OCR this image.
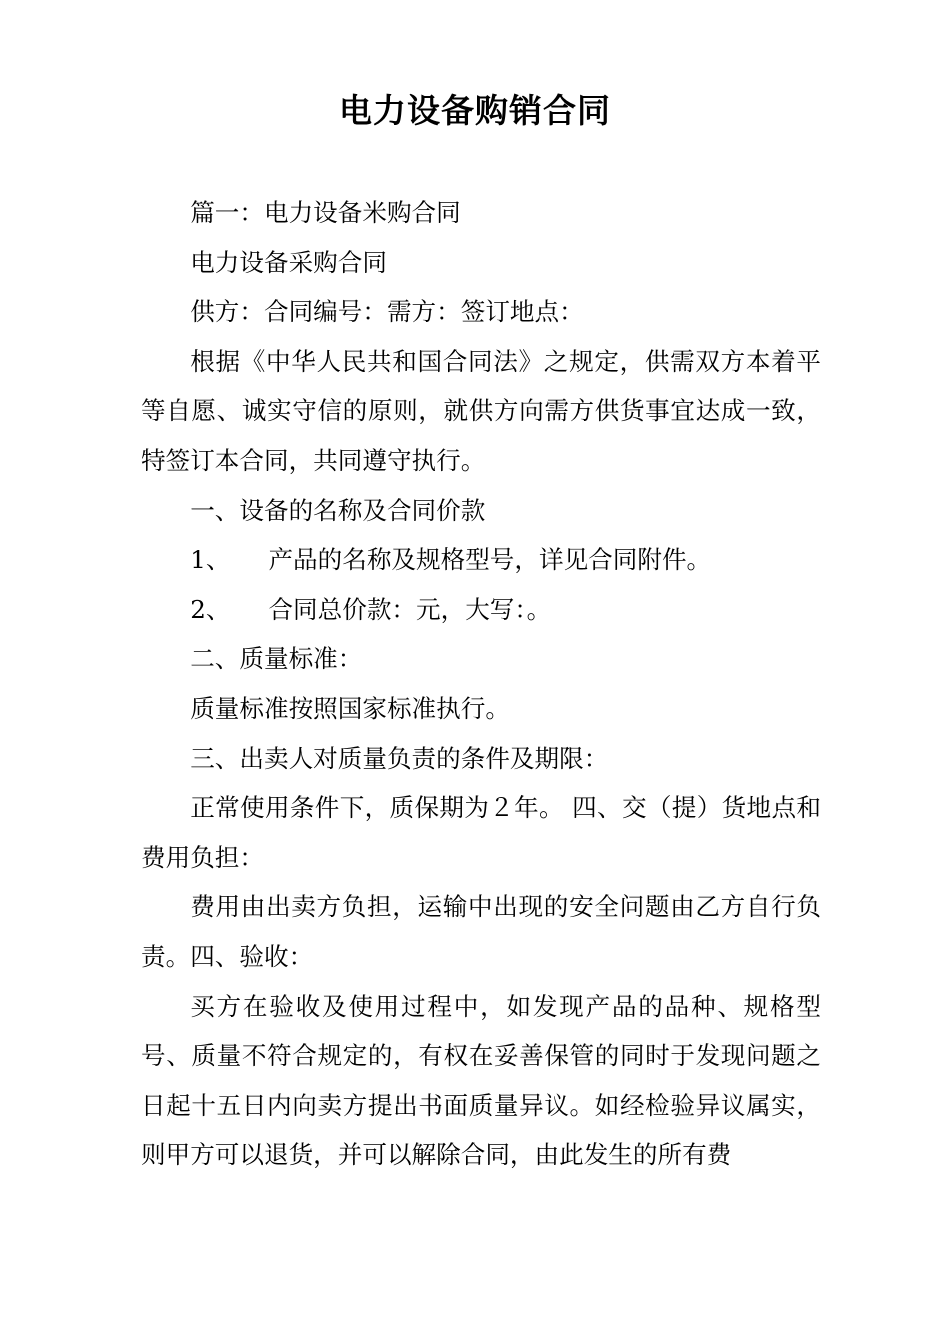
电力设备购销合同

篇一：电力设备米购合同

电力设备采购合同

供方：合同编号：需方：签订地点：

根据《中华人民共和国合同法》之规定，供需双方本着平等自愿、诚实守信的原则，就供方向需方供货事宜达成一致，特签订本合同，共同遵守执行。

一、设备的名称及合同价款

1、 产品的名称及规格型号，详见合同附件。

2、 合同总价款：元，大写：。

二、质量标准：

质量标准按照国家标准执行。

三、出卖人对质量负责的条件及期限：

正常使用条件下，质保期为２年。 四、交（提）货地点和费用负担：

费用由出卖方负担，运输中出现的安全问题由乙方自行负责。四、验收：

买方在验收及使用过程中，如发现产品的品种、规格型号、质量不符合规定的，有权在妥善保管的同时于发现问题之日起十五日内向卖方提出书面质量异议。如经检验异议属实，则甲方可以退货，并可以解除合同，由此发生的所有费
